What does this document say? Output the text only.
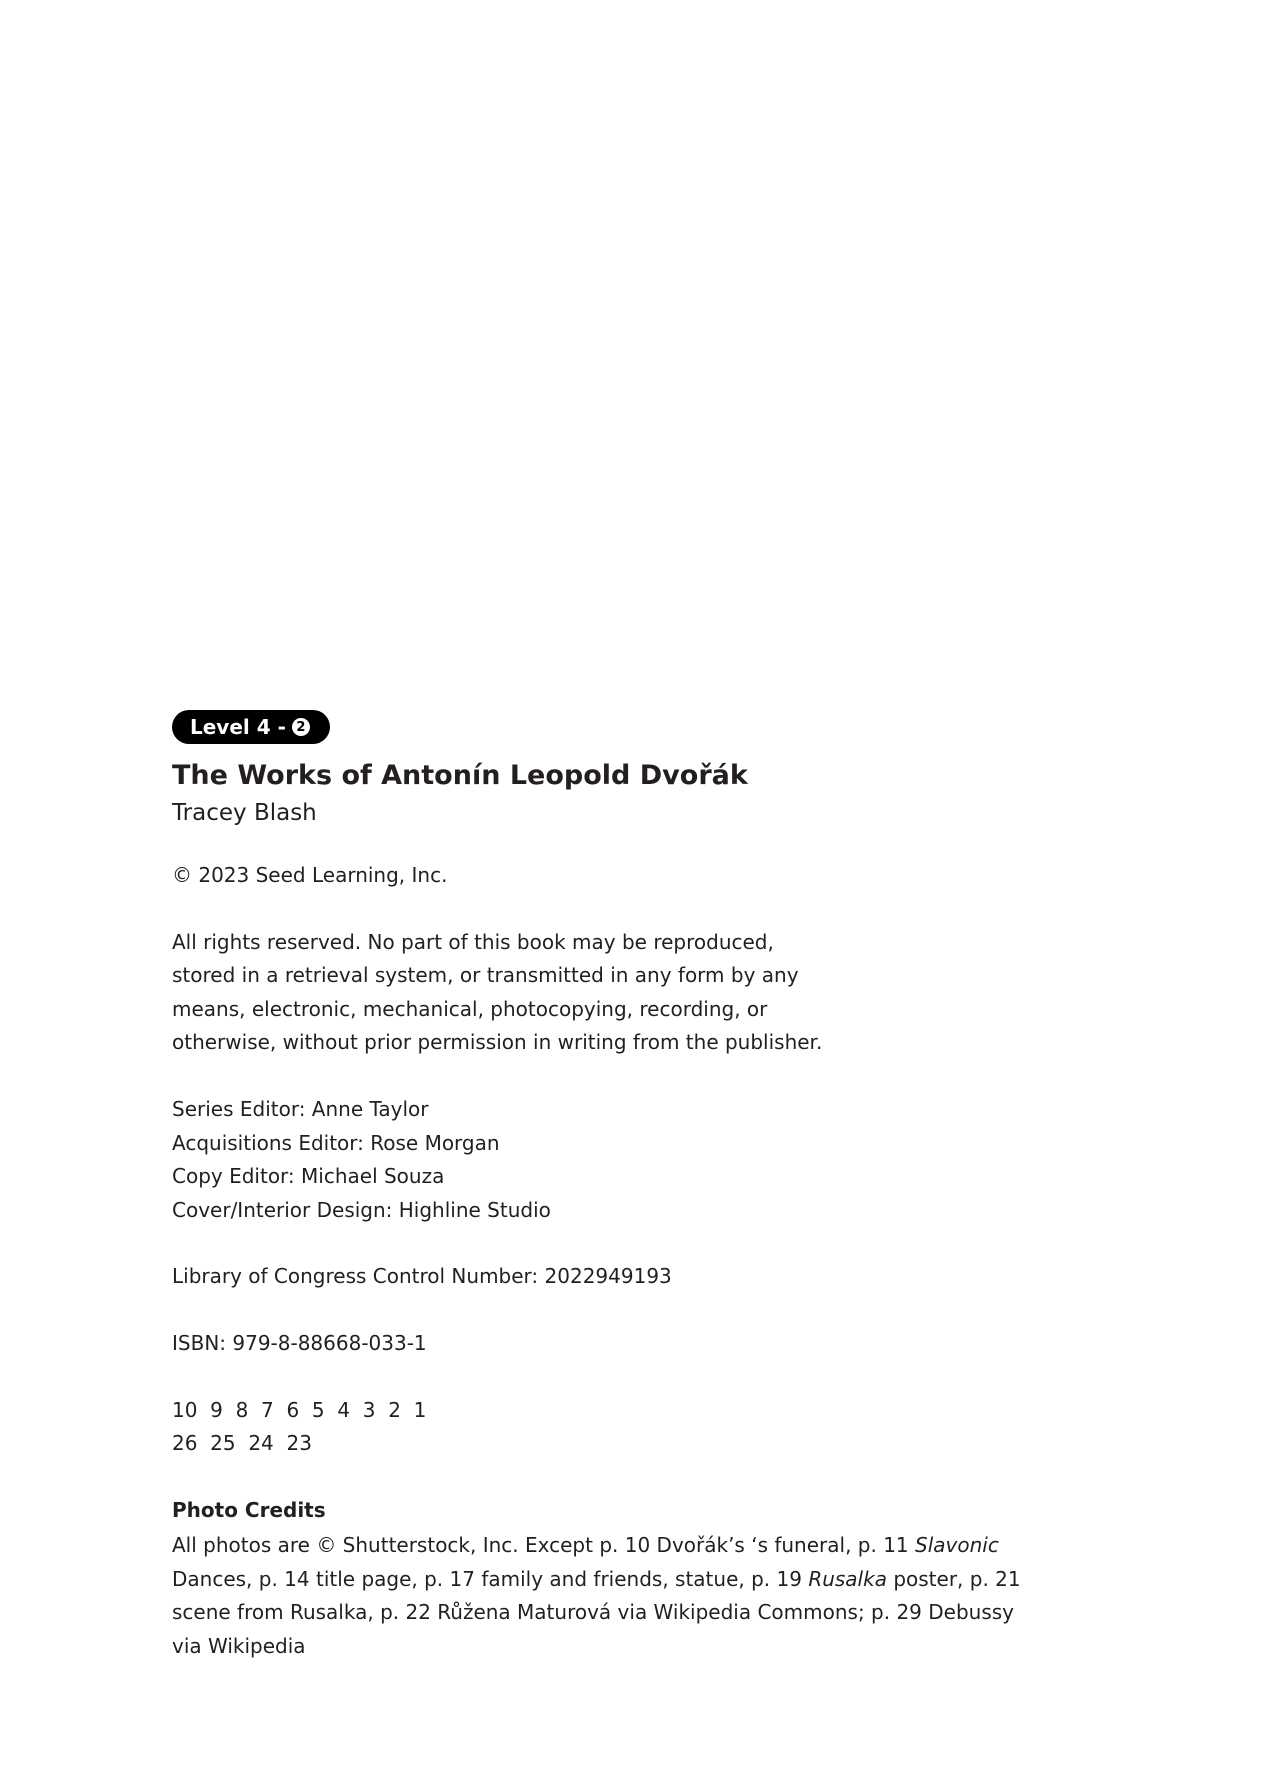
Level 4 - 2
The Works of Antonín Leopold Dvořák
Tracey Blash

© 2023 Seed Learning, Inc.

All rights reserved. No part of this book may be reproduced,

stored in a retrieval system, or transmitted in any form by any

means, electronic, mechanical, photocopying, recording, or

otherwise, without prior permission in writing from the publisher.

Series Editor: Anne Taylor

Acquisitions Editor: Rose Morgan

Copy Editor: Michael Souza

Cover/Interior Design: Highline Studio

Library of Congress Control Number: 2022949193

ISBN: 979-8-88668-033-1

10  9  8  7  6  5  4  3  2  1

26  25  24  23

Photo Credits
All photos are © Shutterstock, Inc. Except p. 10 Dvořák’s ‘s funeral, p. 11 Slavonic Dances, p. 14 title page, p. 17 family and friends, statue, p. 19 Rusalka poster, p. 21 scene from Rusalka, p. 22 Růžena Maturová via Wikipedia Commons; p. 29 Debussy via Wikipedia
